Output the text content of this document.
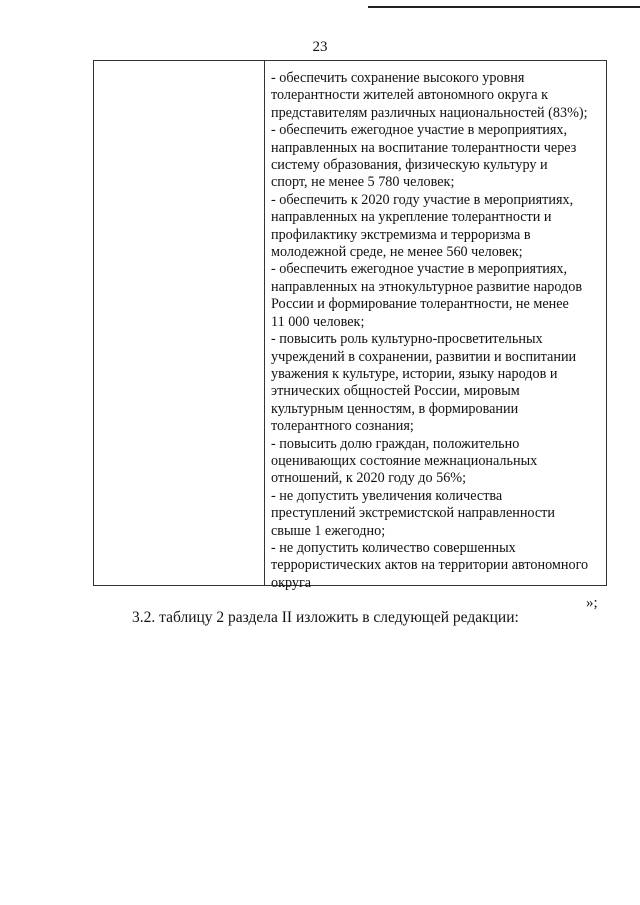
23
- обеспечить сохранение высокого уровня
толерантности жителей автономного округа к
представителям различных национальностей (83%);
- обеспечить ежегодное участие в мероприятиях,
направленных на воспитание толерантности через
систему образования, физическую культуру и
спорт, не менее 5 780 человек;
- обеспечить к 2020 году участие в мероприятиях,
направленных на укрепление толерантности и
профилактику экстремизма и терроризма в
молодежной среде, не менее 560 человек;
- обеспечить ежегодное участие в мероприятиях,
направленных на этнокультурное развитие народов
России и формирование толерантности, не менее
11 000 человек;
- повысить роль культурно-просветительных
учреждений в сохранении, развитии и воспитании
уважения к культуре, истории, языку народов и
этнических общностей России, мировым
культурным ценностям, в формировании
толерантного сознания;
- повысить долю граждан, положительно
оценивающих состояние межнациональных
отношений, к 2020 году до 56%;
- не допустить увеличения количества
преступлений экстремистской направленности
свыше 1 ежегодно;
- не допустить количество совершенных
террористических актов на территории автономного
округа
»;
3.2. таблицу 2 раздела II изложить в следующей редакции:
